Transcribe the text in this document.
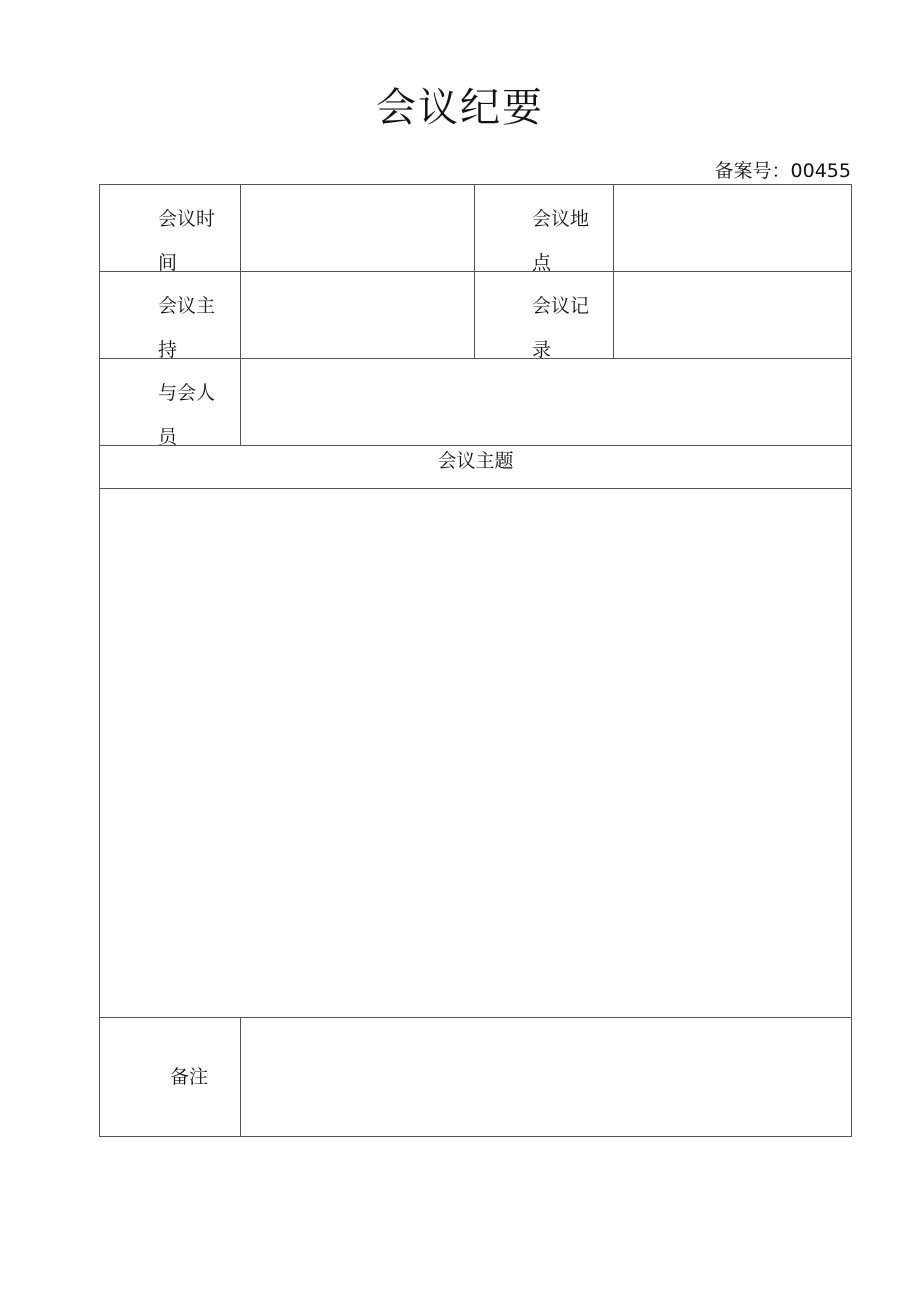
会议纪要
备案号：00455
会议时间		会议地点	

会议主持		会议记录	

与会人员			

会议主题			

备注			
